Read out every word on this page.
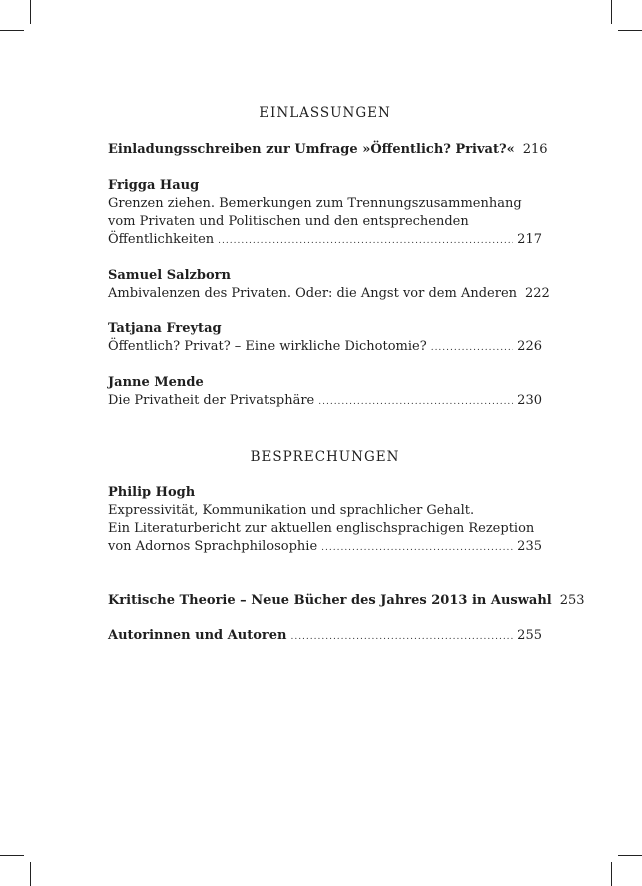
EINLASSUNGEN
Einladungsschreiben zur Umfrage »Öffentlich? Privat?« 216
Frigga Haug
Grenzen ziehen. Bemerkungen zum Trennungszusammenhang
vom Privaten und Politischen und den entsprechenden
Öffentlichkeiten .....	217
Samuel Salzborn
Ambivalenzen des Privaten. Oder: die Angst vor dem Anderen 222
Tatjana Freytag
Öffentlich? Privat? – Eine wirkliche Dichotomie? .....	226
Janne Mende
Die Privatheit der Privatsphäre .....	230
BESPRECHUNGEN
Philip Hogh
Expressivität, Kommunikation und sprachlicher Gehalt.
Ein Literaturbericht zur aktuellen englischsprachigen Rezeption
von Adornos Sprachphilosophie .....	235
Kritische Theorie – Neue Bücher des Jahres 2013 in Auswahl 253
Autorinnen und Autoren .....	255
